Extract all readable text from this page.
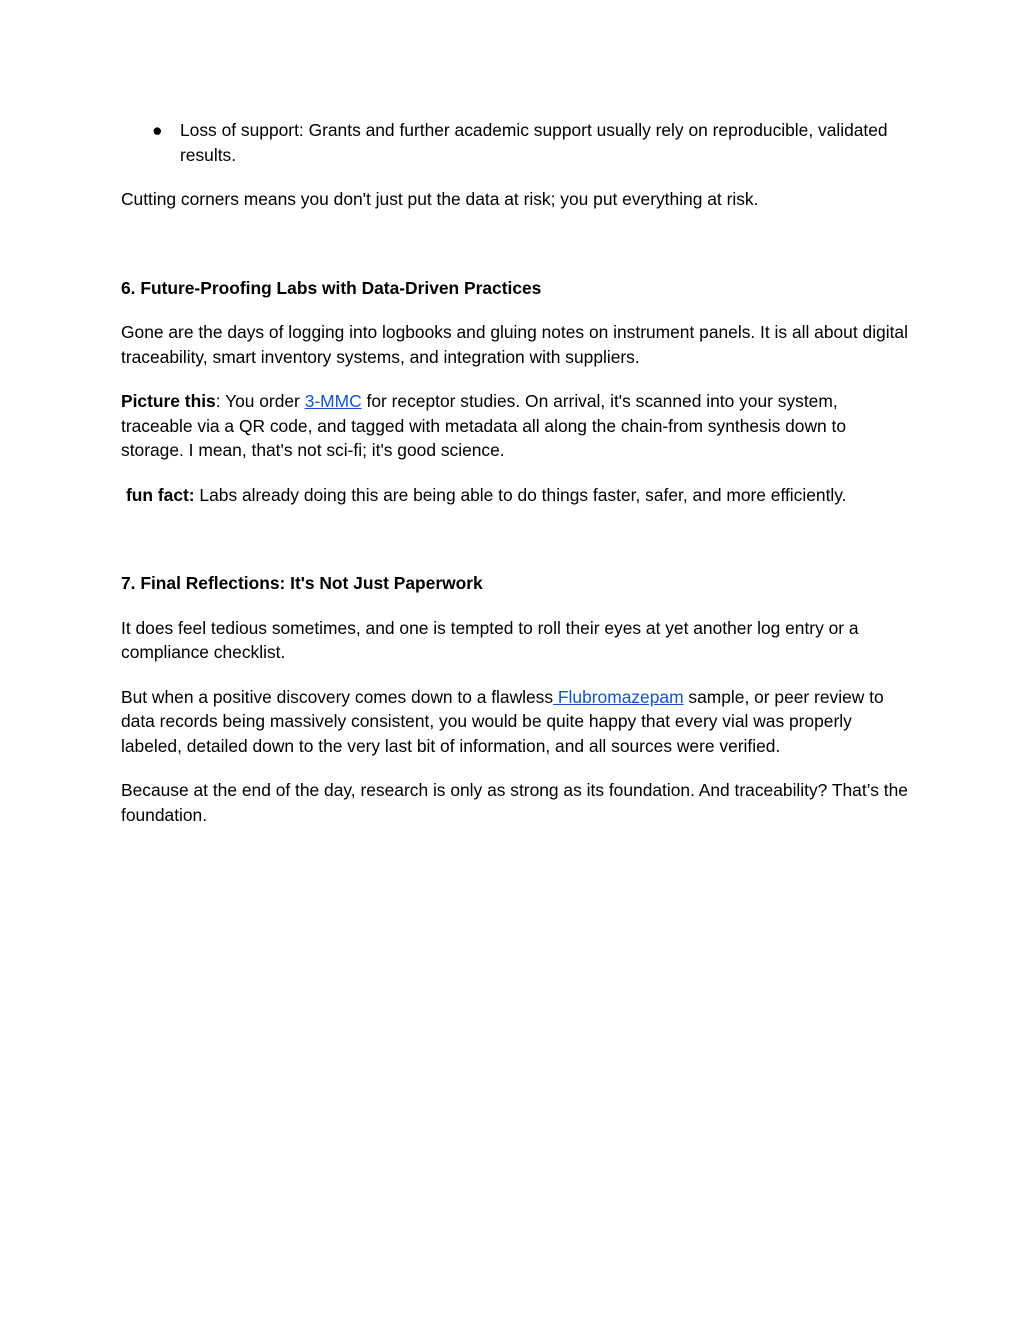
● Loss of support: Grants and further academic support usually rely on reproducible, validated results.

Cutting corners means you don't just put the data at risk; you put everything at risk.

6. Future-Proofing Labs with Data-Driven Practices

Gone are the days of logging into logbooks and gluing notes on instrument panels. It is all about digital traceability, smart inventory systems, and integration with suppliers.

Picture this: You order 3-MMC for receptor studies. On arrival, it's scanned into your system, traceable via a QR code, and tagged with metadata all along the chain-from synthesis down to storage. I mean, that's not sci-fi; it's good science.

fun fact: Labs already doing this are being able to do things faster, safer, and more efficiently.

7. Final Reflections: It's Not Just Paperwork

It does feel tedious sometimes, and one is tempted to roll their eyes at yet another log entry or a compliance checklist.

But when a positive discovery comes down to a flawless Flubromazepam sample, or peer review to data records being massively consistent, you would be quite happy that every vial was properly labeled, detailed down to the very last bit of information, and all sources were verified.

Because at the end of the day, research is only as strong as its foundation. And traceability? That’s the foundation.
